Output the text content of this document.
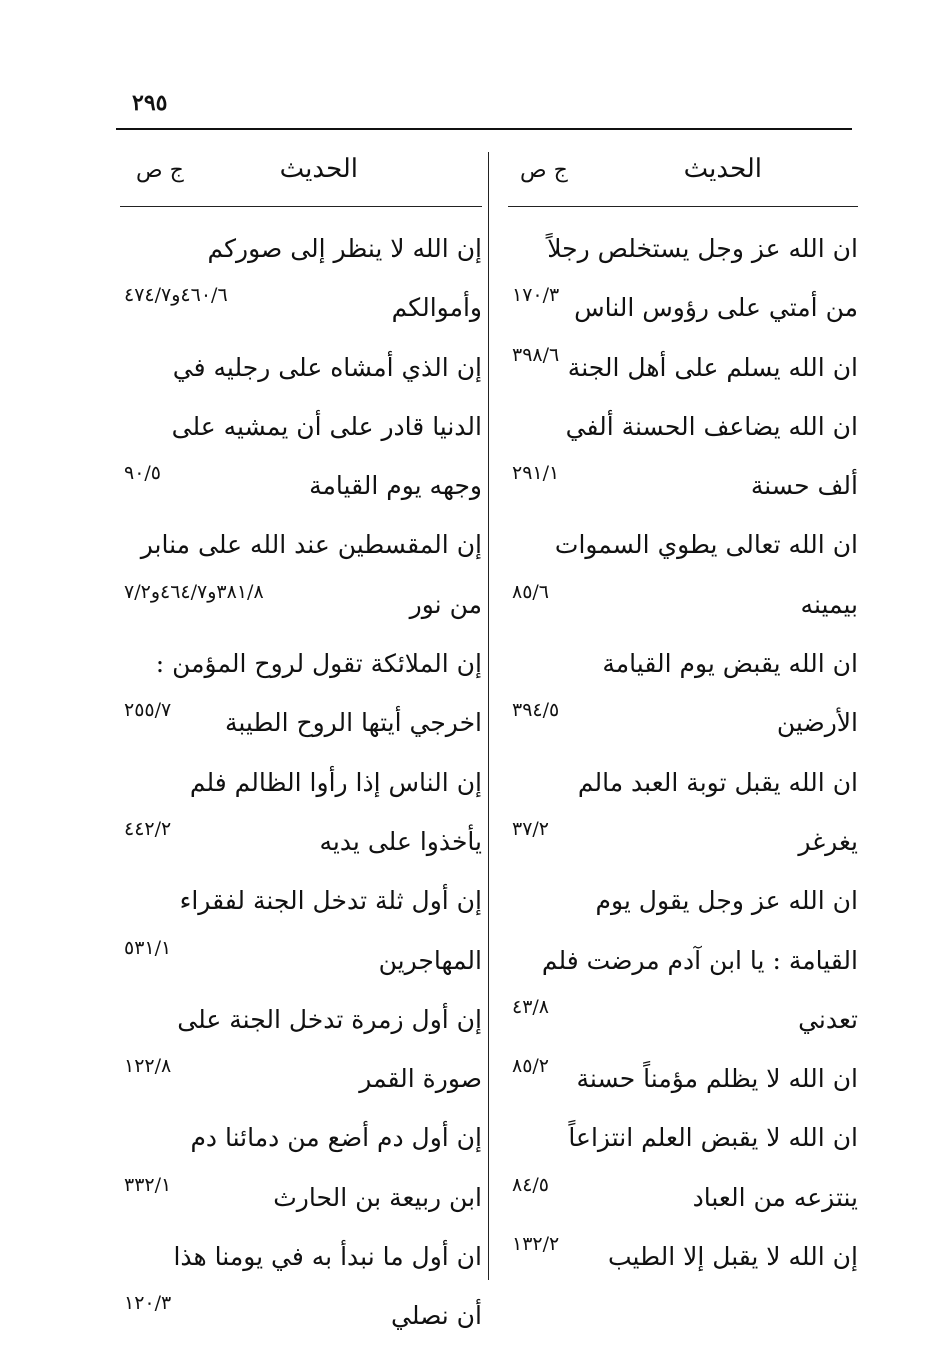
٢٩٥
الحديث
ج ص
ان الله عز وجل يستخلص رجلاً
من أمتي على رؤوس الناس
١٧٠/٣
ان الله يسلم على أهل الجنة
٣٩٨/٦
ان الله يضاعف الحسنة ألفي
ألف حسنة
٢٩١/١
ان الله تعالى يطوي السموات
بيمينه
٨٥/٦
ان الله يقبض يوم القيامة
الأرضين
٣٩٤/٥
ان الله يقبل توبة العبد مالم
يغرغر
٣٧/٢
ان الله عز وجل يقول يوم
القيامة : يا ابن آدم مرضت فلم
تعدني
٤٣/٨
ان الله لا يظلم مؤمناً حسنة
٨٥/٢
ان الله لا يقبض العلم انتزاعاً
ينتزعه من العباد
٨٤/٥
إن الله لا يقبل إلا الطيب
١٣٢/٢
الحديث
ج ص
إن الله لا ينظر إلى صوركم
وأموالكم
٤٦٠/٦و٤٧٤/٧
إن الذي أمشاه على رجليه في
الدنيا قادر على أن يمشيه على
وجهه يوم القيامة
٩٠/٥
إن المقسطين عند الله على منابر
من نور
٣٨١/٨و٤٦٤/٧و٧/٢
إن الملائكة تقول لروح المؤمن :
اخرجي أيتها الروح الطيبة
٢٥٥/٧
إن الناس إذا رأوا الظالم فلم
يأخذوا على يديه
٤٤٢/٢
إن أول ثلة تدخل الجنة لفقراء
المهاجرين
٥٣١/١
إن أول زمرة تدخل الجنة على
صورة القمر
١٢٢/٨
إن أول دم أضع من دمائنا دم
ابن ربيعة بن الحارث
٣٣٢/١
ان أول ما نبدأ به في يومنا هذا
أن نصلي
١٢٠/٣
